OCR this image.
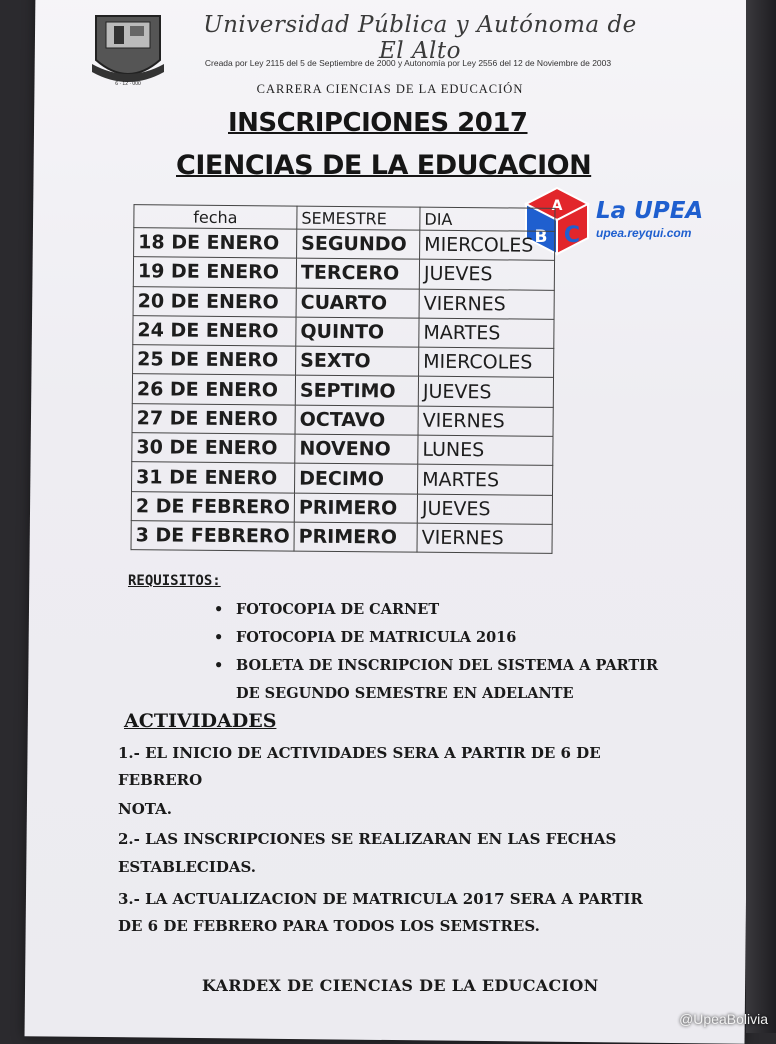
6 · 12 · 000
Universidad Pública y Autónoma de El Alto
Creada por Ley 2115 del 5 de Septiembre de 2000 y Autonomía por Ley 2556 del 12 de Noviembre de 2003
CARRERA CIENCIAS DE LA EDUCACIÓN
INSCRIPCIONES 2017
CIENCIAS DE LA EDUCACION
A
B C
La UPEA
upea.reyqui.com
fecha	SEMESTRE	DIA
18 DE ENERO	SEGUNDO	MIERCOLES
19 DE ENERO	TERCERO	JUEVES
20 DE ENERO	CUARTO	VIERNES
24 DE ENERO	QUINTO	MARTES
25 DE ENERO	SEXTO	MIERCOLES
26 DE ENERO	SEPTIMO	JUEVES
27 DE ENERO	OCTAVO	VIERNES
30 DE ENERO	NOVENO	LUNES
31 DE ENERO	DECIMO	MARTES
2 DE FEBRERO	PRIMERO	JUEVES
3 DE FEBRERO	PRIMERO	VIERNES
REQUISITOS:
• FOTOCOPIA DE CARNET
• FOTOCOPIA DE MATRICULA 2016
• BOLETA DE INSCRIPCION DEL SISTEMA A PARTIR
DE SEGUNDO SEMESTRE EN ADELANTE
ACTIVIDADES
1.- EL INICIO DE ACTIVIDADES SERA A PARTIR DE 6 DE
FEBRERO
NOTA.
2.- LAS INSCRIPCIONES SE REALIZARAN EN LAS FECHAS
ESTABLECIDAS.
3.- LA ACTUALIZACION DE MATRICULA 2017 SERA A PARTIR
DE 6 DE FEBRERO PARA TODOS LOS SEMSTRES.
KARDEX DE CIENCIAS DE LA EDUCACION
@UpeaBolivia
